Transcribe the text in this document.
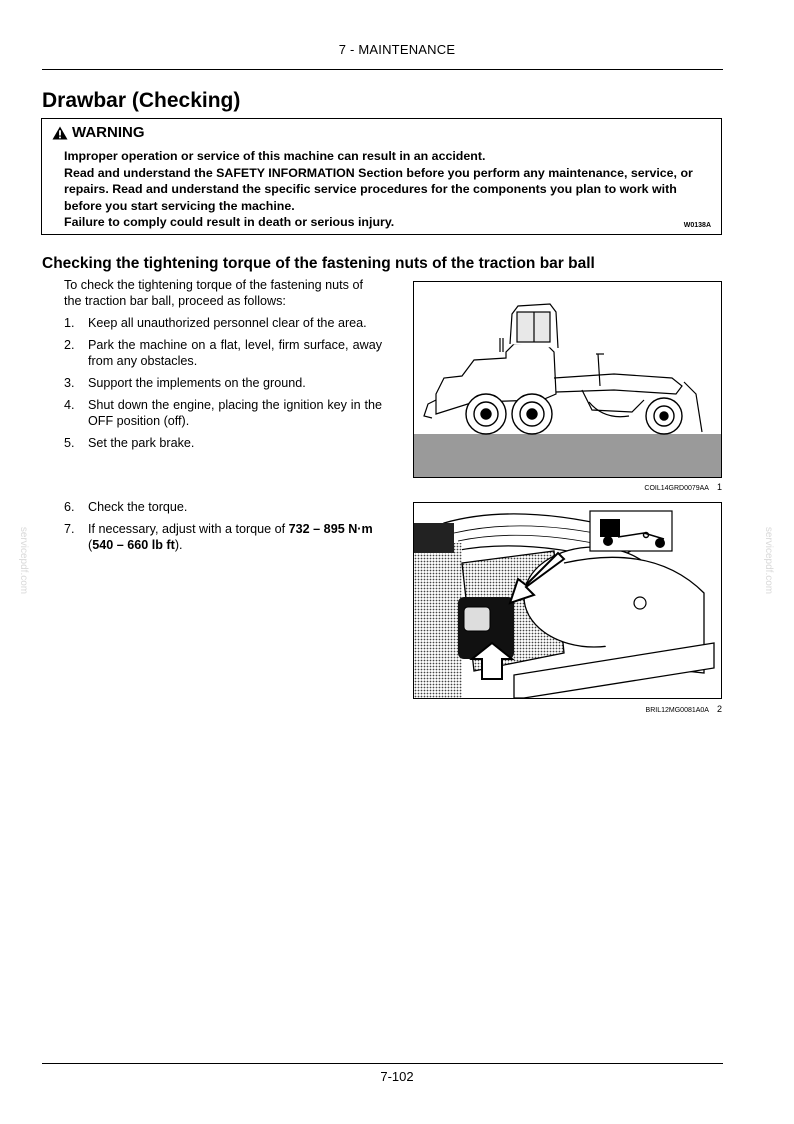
7 - MAINTENANCE
Drawbar (Checking)
WARNING

Improper operation or service of this machine can result in an accident.

Read and understand the SAFETY INFORMATION Section before you perform any maintenance, service, or repairs. Read and understand the specific service procedures for the components you plan to work with before you start servicing the machine.

Failure to comply could result in death or serious injury.	W0138A
Checking the tightening torque of the fastening nuts of the traction bar ball

To check the tightening torque of the fastening nuts of the traction bar ball, proceed as follows:

1.	Keep all unauthorized personnel clear of the area.
2.	Park the machine on a flat, level, firm surface, away from any obstacles.
3.	Support the implements on the ground.
4.	Shut down the engine, placing the ignition key in the OFF position (off).
5.	Set the park brake.
6.	Check the torque.
7.	If necessary, adjust with a torque of 732 – 895 N·m
(540 – 660 lb ft).
COIL14GRD0079AA 1
BRIL12MG0081A0A 2
servicepdf.com	servicepdf.com
7-102
